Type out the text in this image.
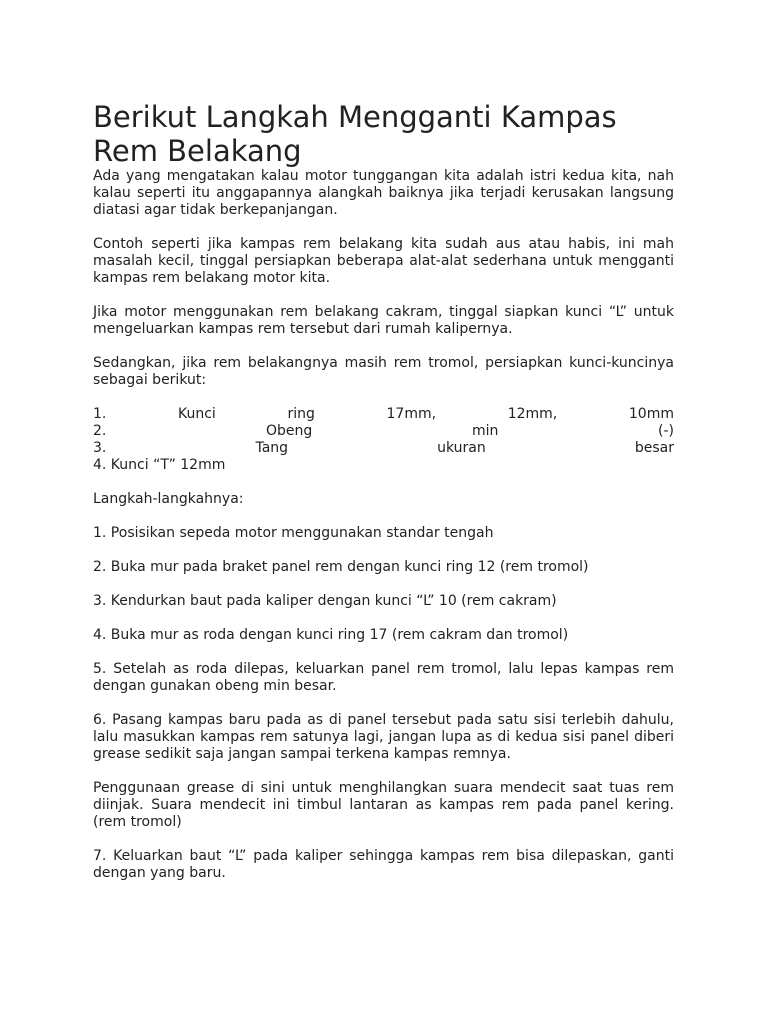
Berikut Langkah Mengganti Kampas Rem Belakang

Ada yang mengatakan kalau motor tunggangan kita adalah istri kedua kita, nah kalau seperti itu anggapannya alangkah baiknya jika terjadi kerusakan langsung diatasi agar tidak berkepanjangan.

Contoh seperti jika kampas rem belakang kita sudah aus atau habis, ini mah masalah kecil, tinggal persiapkan beberapa alat-alat sederhana untuk mengganti kampas rem belakang motor kita.

Jika motor menggunakan rem belakang cakram, tinggal siapkan kunci “L” untuk mengeluarkan kampas rem tersebut dari rumah kalipernya.

Sedangkan, jika rem belakangnya masih rem tromol, persiapkan kunci-kuncinya sebagai berikut:

1.	Kunci	ring	17mm,	12mm,	10mm
2.	Obeng	min	(-)
3.	Tang	ukuran	besar
4. Kunci “T” 12mm

Langkah-langkahnya:

1. Posisikan sepeda motor menggunakan standar tengah

2. Buka mur pada braket panel rem dengan kunci ring 12 (rem tromol)

3. Kendurkan baut pada kaliper dengan kunci “L” 10 (rem cakram)

4. Buka mur as roda dengan kunci ring 17 (rem cakram dan tromol)

5. Setelah as roda dilepas, keluarkan panel rem tromol, lalu lepas kampas rem dengan gunakan obeng min besar.

6. Pasang kampas baru pada as di panel tersebut pada satu sisi terlebih dahulu, lalu masukkan kampas rem satunya lagi, jangan lupa as di kedua sisi panel diberi grease sedikit saja jangan sampai terkena kampas remnya.

Penggunaan grease di sini untuk menghilangkan suara mendecit saat tuas rem diinjak. Suara mendecit ini timbul lantaran as kampas rem pada panel kering. (rem tromol)

7. Keluarkan baut “L” pada kaliper sehingga kampas rem bisa dilepaskan, ganti dengan yang baru.
